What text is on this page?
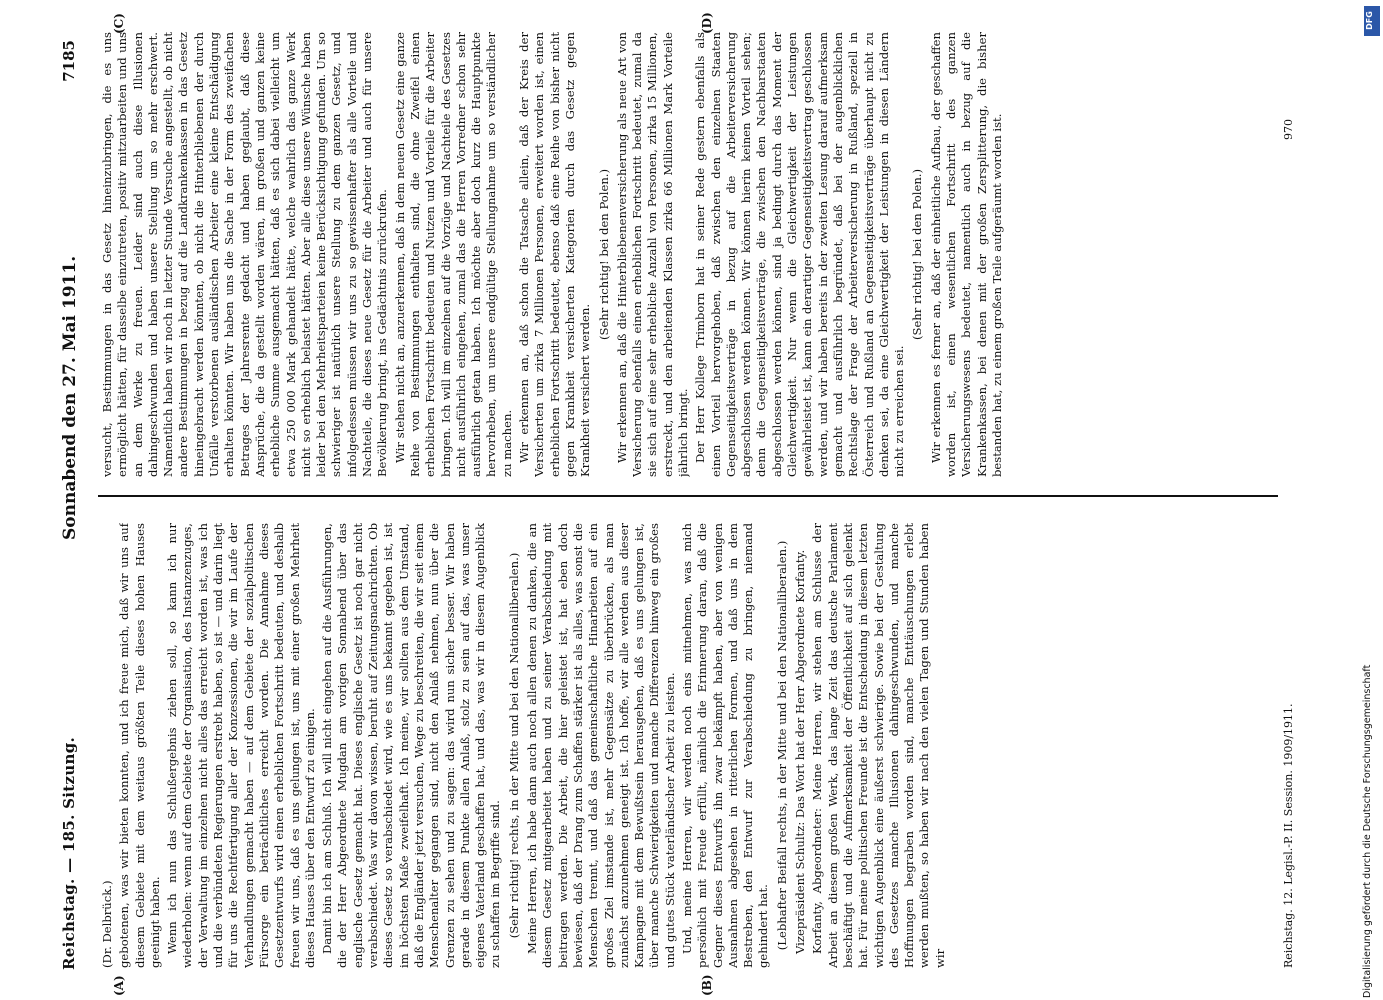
Reichstag. — 185. Sitzung.
Sonnabend den 27. Mai 1911.
7185
(A)	(B)
(C)	(D)

(Dr. Delbrück.) gebotenen, was wir bieten konnten, und ich freue mich, daß wir uns auf diesem Gebiete mit dem weitaus größten Teile dieses hohen Hauses geeinigt haben. Wenn ich nun das Schlußergebnis ziehen soll, so kann ich nur wiederholen: wenn auf dem Gebiete der Organisation, des Instanzenzuges, der Verwaltung im einzelnen nicht alles das erreicht worden ist, was ich und die verbündeten Regierungen erstrebt haben, so ist — und darin liegt für uns die Rechtfertigung aller der Konzessionen, die wir im Laufe der Verhandlungen gemacht haben — auf dem Gebiete der sozialpolitischen Fürsorge ein beträchtliches erreicht worden. Die Annahme dieses Gesetzentwurfs wird einen erheblichen Fortschritt bedeuten, und deshalb freuen wir uns, daß es uns gelungen ist, uns mit einer großen Mehrheit dieses Hauses über den Entwurf zu einigen. Damit bin ich am Schluß. Ich will nicht eingehen auf die Ausführungen, die der Herr Abgeordnete Mugdan am vorigen Sonnabend über das englische Gesetz gemacht hat. Dieses englische Gesetz ist noch gar nicht verabschiedet. Was wir davon wissen, beruht auf Zeitungsnachrichten. Ob dieses Gesetz so verabschiedet wird, wie es uns bekannt gegeben ist, ist im höchsten Maße zweifelhaft. Ich meine, wir sollten aus dem Umstand, daß die Engländer jetzt versuchen, Wege zu beschreiten, die wir seit einem Menschenalter gegangen sind, nicht den Anlaß nehmen, nun über die Grenzen zu sehen und zu sagen: das wird nun sicher besser. Wir haben gerade in diesem Punkte allen Anlaß, stolz zu sein auf das, was unser eigenes Vaterland geschaffen hat, und das, was wir in diesem Augenblick zu schaffen im Begriffe sind. (Sehr richtig! rechts, in der Mitte und bei den Nationalliberalen.) Meine Herren, ich habe dann auch noch allen denen zu danken, die an diesem Gesetz mitgearbeitet haben und zu seiner Verabschiedung mit beitragen werden. Die Arbeit, die hier geleistet ist, hat eben doch bewiesen, daß der Drang zum Schaffen stärker ist als alles, was sonst die Menschen trennt, und daß das gemeinschaftliche Hinarbeiten auf ein großes Ziel imstande ist, mehr Gegensätze zu überbrücken, als man zunächst anzunehmen geneigt ist. Ich hoffe, wir alle werden aus dieser Kampagne mit dem Bewußtsein herausgehen, daß es uns gelungen ist, über manche Schwierigkeiten und manche Differenzen hinweg ein großes und gutes Stück vaterländischer Arbeit zu leisten. Und, meine Herren, wir werden noch eins mitnehmen, was mich persönlich mit Freude erfüllt, nämlich die Erinnerung daran, daß die Gegner dieses Entwurfs ihn zwar bekämpft haben, aber von wenigen Ausnahmen abgesehen in ritterlichen Formen, und daß uns in dem Bestreben, den Entwurf zur Verabschiedung zu bringen, niemand gehindert hat. (Lebhafter Beifall rechts, in der Mitte und bei den Nationalliberalen.) Vizepräsident Schultz: Das Wort hat der Herr Abgeordnete Korfanty. Korfanty, Abgeordneter: Meine Herren, wir stehen am Schlusse der Arbeit an diesem großen Werk, das lange Zeit das deutsche Parlament beschäftigt und die Aufmerksamkeit der Öffentlichkeit auf sich gelenkt hat. Für meine politischen Freunde ist die Entscheidung in diesem letzten wichtigen Augenblick eine äußerst schwierige. Sowie bei der Gestaltung des Gesetzes manche Illusionen dahingeschwunden, und manche Hoffnungen begraben worden sind, manche Enttäuschungen erlebt werden mußten, so haben wir nach den vielen Tagen und Stunden haben wir

versucht, Bestimmungen in das Gesetz hineinzubringen, die es uns ermöglicht hätten, für dasselbe einzutreten, positiv mitzuarbeiten und uns an dem Werke zu freuen. Leider sind auch diese Illusionen dahingeschwunden und haben unsere Stellung um so mehr erschwert. Namentlich haben wir noch in letzter Stunde Versuche angestellt, ob nicht andere Bestimmungen in bezug auf die Landkrankenkassen in das Gesetz hineingebracht werden könnten, ob nicht die Hinterbliebenen der durch Unfälle verstorbenen ausländischen Arbeiter eine kleine Entschädigung erhalten könnten. Wir haben uns die Sache in der Form des zweifachen Betrages der Jahresrente gedacht und haben geglaubt, daß diese Ansprüche, die da gestellt worden wären, im großen und ganzen keine erhebliche Summe ausgemacht hätten, daß es sich dabei vielleicht um etwa 250 000 Mark gehandelt hätte, welche wahrlich das ganze Werk nicht so erheblich belastet hätten. Aber alle diese unsere Wünsche haben leider bei den Mehrheitsparteien keine Berücksichtigung gefunden. Um so schwieriger ist natürlich unsere Stellung zu dem ganzen Gesetz, und infolgedessen müssen wir uns zu so gewissenhafter als alle Vorteile und Nachteile, die dieses neue Gesetz für die Arbeiter und auch für unsere Bevölkerung bringt, ins Gedächtnis zurückrufen. Wir stehen nicht an, anzuerkennen, daß in dem neuen Gesetz eine ganze Reihe von Bestimmungen enthalten sind, die ohne Zweifel einen erheblichen Fortschritt bedeuten und Nutzen und Vorteile für die Arbeiter bringen. Ich will im einzelnen auf die Vorzüge und Nachteile des Gesetzes nicht ausführlich eingehen, zumal das die Herren Vorredner schon sehr ausführlich getan haben. Ich möchte aber doch kurz die Hauptpunkte hervorheben, um unsere endgültige Stellungnahme um so verständlicher zu machen. Wir erkennen an, daß schon die Tatsache allein, daß der Kreis der Versicherten um zirka 7 Millionen Personen, erweitert worden ist, einen erheblichen Fortschritt bedeutet, ebenso daß eine Reihe von bisher nicht gegen Krankheit versicherten Kategorien durch das Gesetz gegen Krankheit versichert werden.

(Sehr richtig! bei den Polen.) Wir erkennen an, daß die Hinterbliebenenversicherung als neue Art von Versicherung ebenfalls einen erheblichen Fortschritt bedeutet, zumal da sie sich auf eine sehr erhebliche Anzahl von Personen, zirka 15 Millionen, erstreckt, und den arbeitenden Klassen zirka 66 Millionen Mark Vorteile jährlich bringt. Der Herr Kollege Trimborn hat in seiner Rede gestern ebenfalls als einen Vorteil hervorgehoben, daß zwischen den einzelnen Staaten Gegenseitigkeitsverträge in bezug auf die Arbeiterversicherung abgeschlossen werden können. Wir können hierin keinen Vorteil sehen; denn die Gegenseitigkeitsverträge, die zwischen den Nachbarstaaten abgeschlossen werden können, sind ja bedingt durch das Moment der Gleichwertigkeit. Nur wenn die Gleichwertigkeit der Leistungen gewährleistet ist, kann ein derartiger Gegenseitigkeitsvertrag geschlossen werden, und wir haben bereits in der zweiten Lesung darauf aufmerksam gemacht und ausführlich begründet, daß bei der augenblicklichen Rechtslage der Frage der Arbeiterversicherung in Rußland, speziell in Österreich und Rußland an Gegenseitigkeitsverträge überhaupt nicht zu denken sei, da eine Gleichwertigkeit der Leistungen in diesen Ländern nicht zu erreichen sei.

(Sehr richtig! bei den Polen.) Wir erkennen es ferner an, daß der einheitliche Aufbau, der geschaffen worden ist, einen wesentlichen Fortschritt des ganzen Versicherungswesens bedeutet, namentlich auch in bezug auf die Krankenkassen, bei denen mit der großen Zersplitterung, die bisher bestanden hat, zu einem großen Teile aufgeräumt worden ist.

Reichstag. 12. Legisl.-P. II. Session. 1909/1911.
970
DFG
Digitalisierung gefördert durch die Deutsche Forschungsgemeinschaft
